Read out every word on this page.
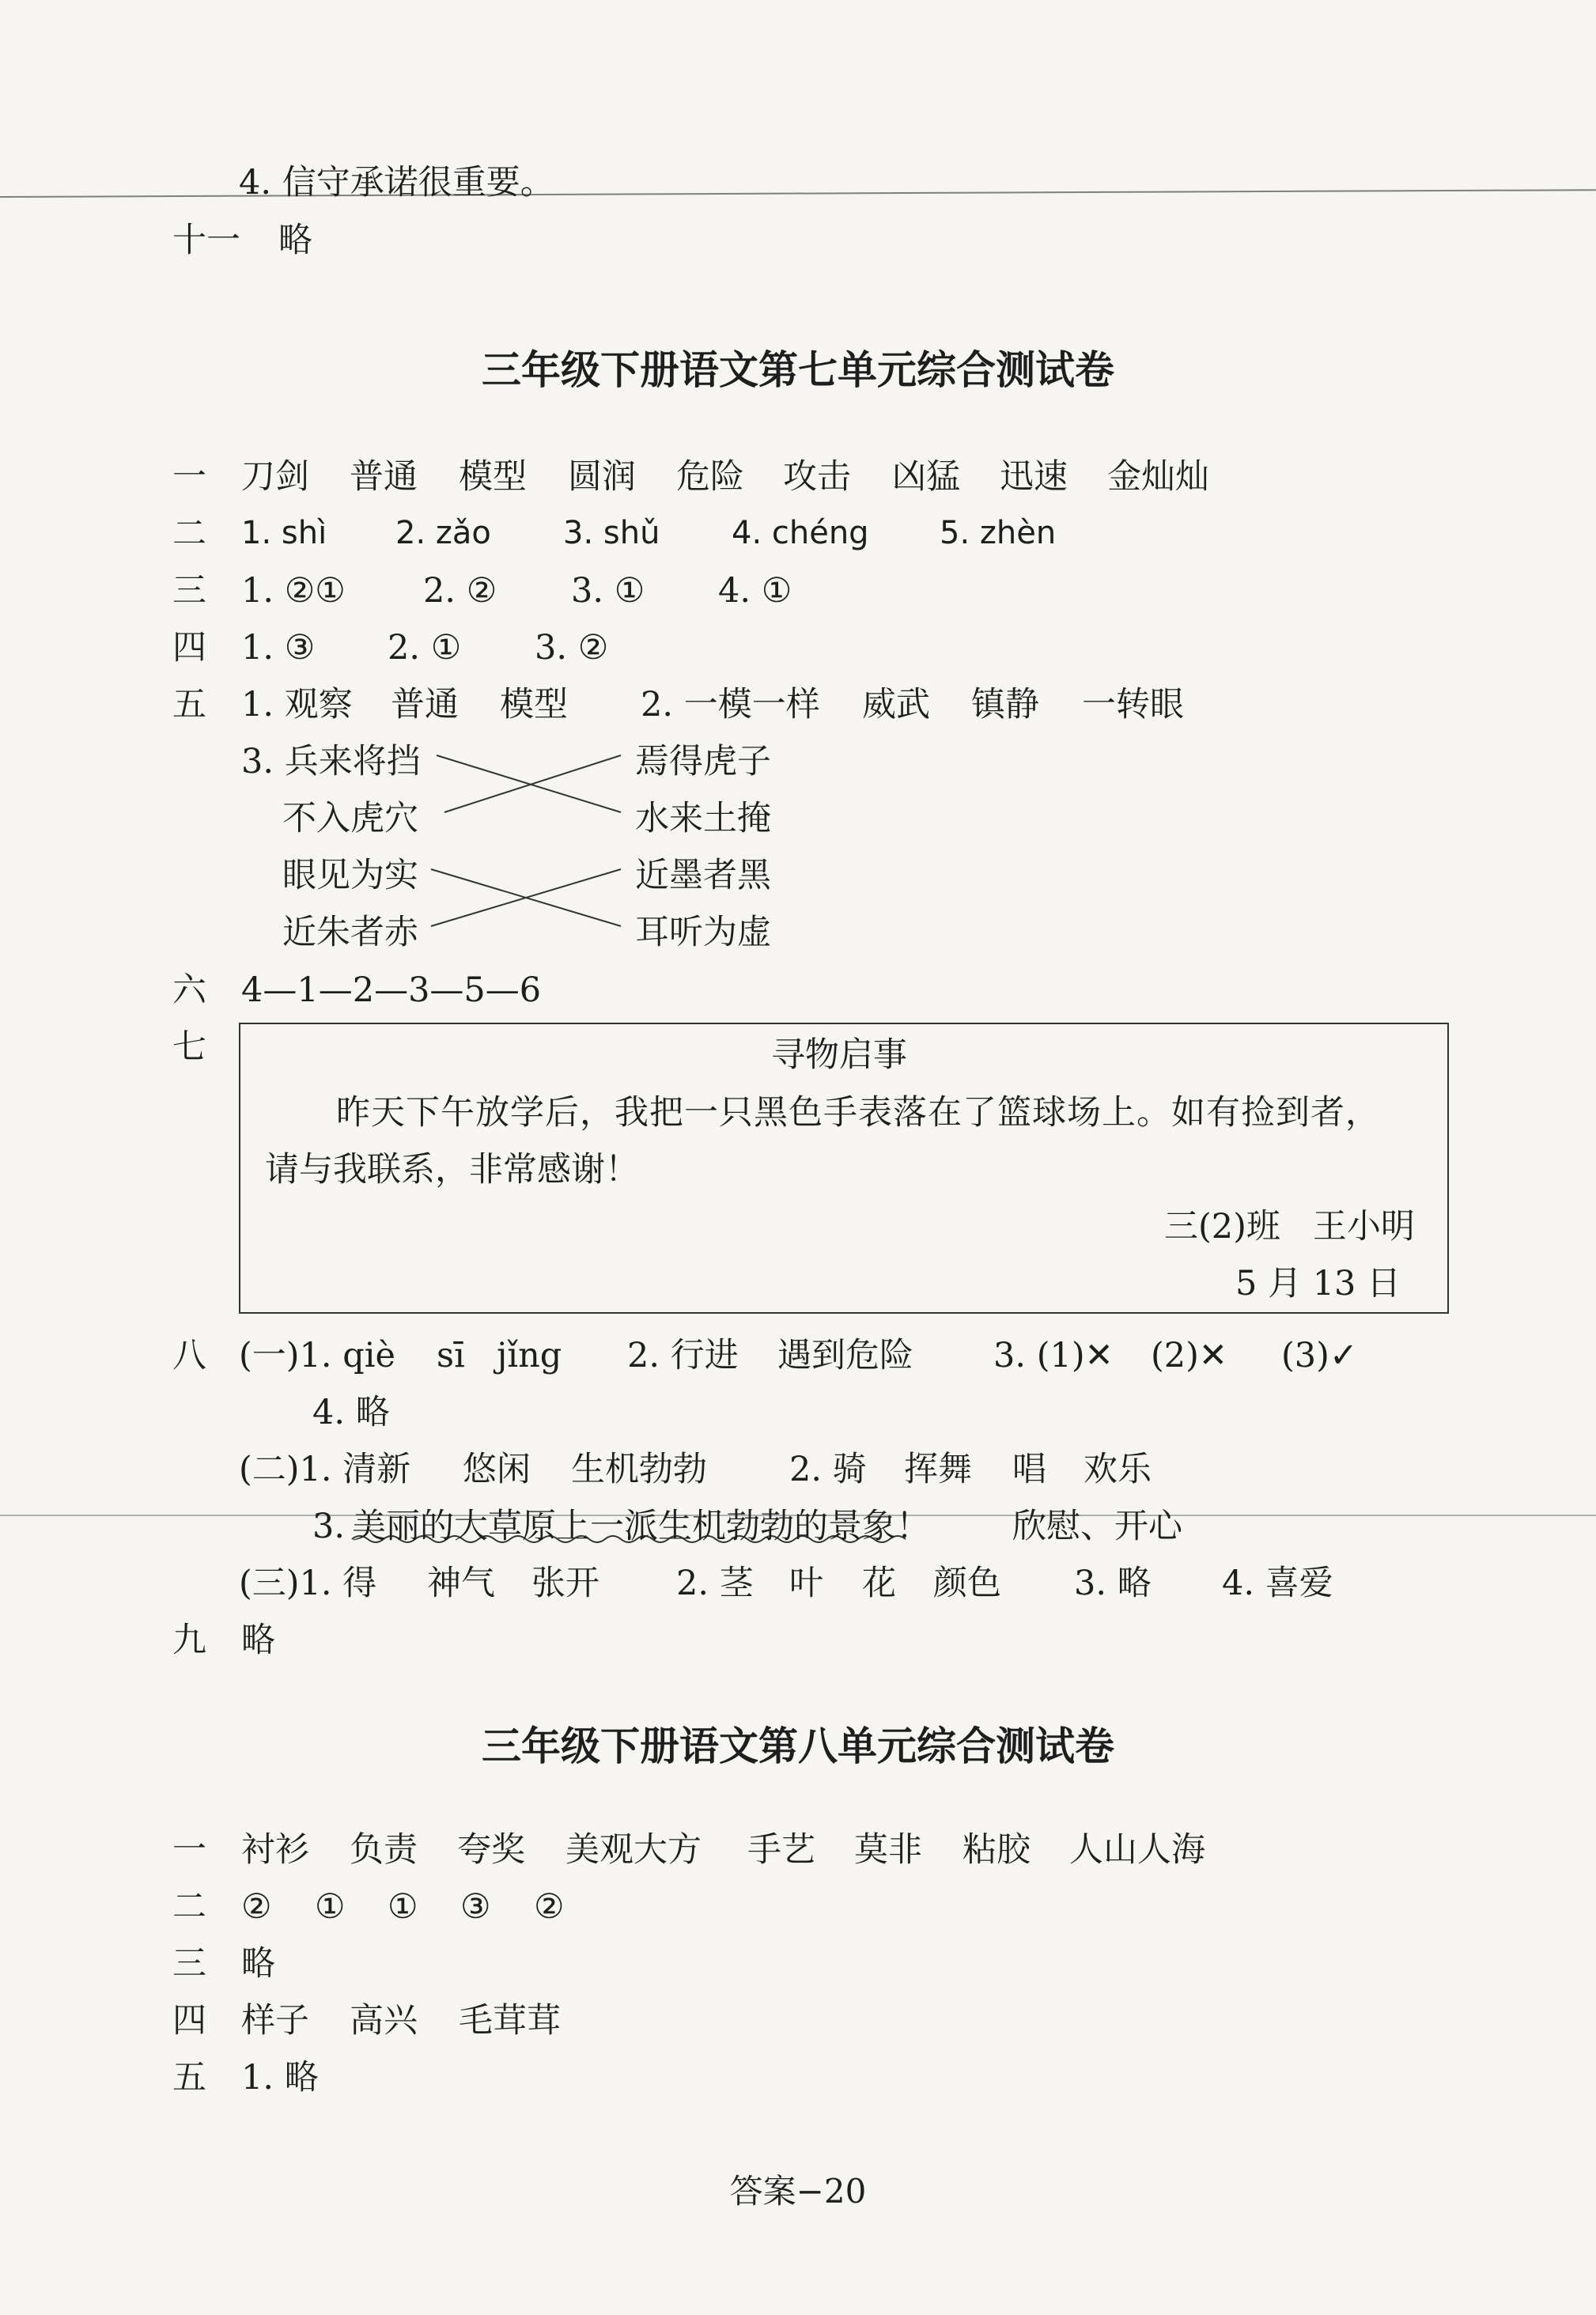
4. 信守承诺很重要。
十一 略
三年级下册语文第七单元综合测试卷
一 刀剑 普通 模型 圆润 危险 攻击 凶猛 迅速 金灿灿
二 1. shì 2. zǎo 3. shǔ 4. chéng 5. zhèn
三 1. ②① 2. ② 3. ① 4. ①
四 1. ③ 2. ① 3. ②
五 1. 观察 普通 模型 2. 一模一样 威武 镇静 一转眼
3. 兵来将挡
不入虎穴
眼见为实
近朱者赤
焉得虎子
水来土掩
近墨者黑
耳听为虚
六 4—1—2—3—5—6
七	寻物启事
昨天下午放学后，我把一只黑色手表落在了篮球场上。如有捡到者，
请与我联系，非常感谢！
三(2)班   王小明
5 月 13 日
八 (一)1. qiè sī jǐng 2. 行进 遇到危险 3. (1)✕ (2)✕ (3)✓
4. 略
(二)1. 清新 悠闲 生机勃勃 2. 骑 挥舞 唱 欢乐
3. 美丽的大草原上一派生机勃勃的景象！ 欣慰、开心
(三)1. 得 神气 张开 2. 茎 叶 花 颜色 3. 略 4. 喜爱
九 略
三年级下册语文第八单元综合测试卷
一 衬衫 负责 夸奖 美观大方 手艺 莫非 粘胶 人山人海
二 ② ① ① ③ ②
三 略
四 样子 高兴 毛茸茸
五 1. 略
答案−20
